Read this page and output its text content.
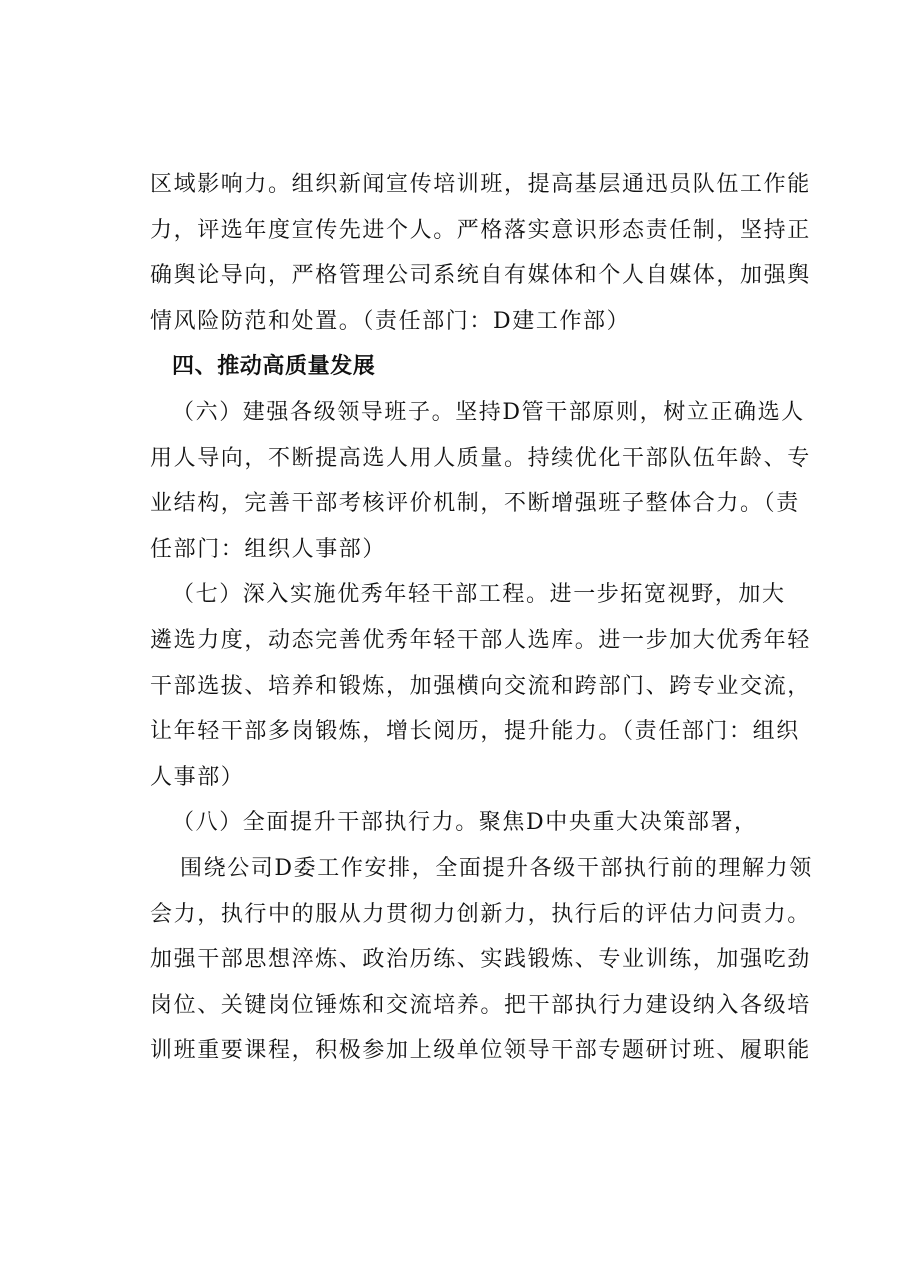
区域影响力。组织新闻宣传培训班，提高基层通迅员队伍工作能
力，评选年度宣传先进个人。严格落实意识形态责任制，坚持正
确舆论导向，严格管理公司系统自有媒体和个人自媒体，加强舆
情风险防范和处置。（责任部门：D建工作部）
四、推动高质量发展
（六）建强各级领导班子。坚持D管干部原则，树立正确选人
用人导向，不断提高选人用人质量。持续优化干部队伍年龄、专
业结构，完善干部考核评价机制，不断增强班子整体合力。（责
任部门：组织人事部）
（七）深入实施优秀年轻干部工程。进一步拓宽视野，加大
遴选力度，动态完善优秀年轻干部人选库。进一步加大优秀年轻
干部选拔、培养和锻炼，加强横向交流和跨部门、跨专业交流，
让年轻干部多岗锻炼，增长阅历，提升能力。（责任部门：组织
人事部）
（八）全面提升干部执行力。聚焦D中央重大决策部署，
围绕公司D委工作安排，全面提升各级干部执行前的理解力领
会力，执行中的服从力贯彻力创新力，执行后的评估力问责力。
加强干部思想淬炼、政治历练、实践锻炼、专业训练，加强吃劲
岗位、关键岗位锤炼和交流培养。把干部执行力建设纳入各级培
训班重要课程，积极参加上级单位领导干部专题研讨班、履职能
